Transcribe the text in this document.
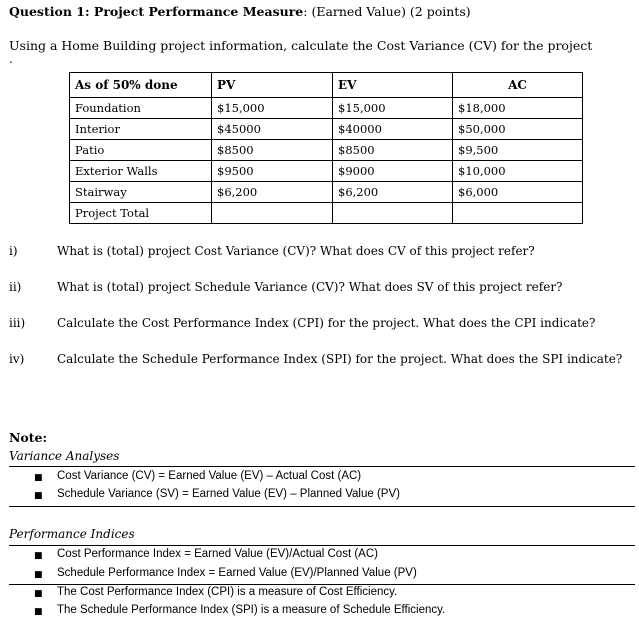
Question 1: Project Performance Measure: (Earned Value) (2 points)
Using a Home Building project information, calculate the Cost Variance (CV) for the project
.
As of 50% done	PV	EV	AC
Foundation	$15,000	$15,000	$18,000
Interior	$45000	$40000	$50,000
Patio	$8500	$8500	$9,500
Exterior Walls	$9500	$9000	$10,000
Stairway	$6,200	$6,200	$6,000
Project Total			
i)	What is (total) project Cost Variance (CV)? What does CV of this project refer?
ii)	What is (total) project Schedule Variance (CV)? What does SV of this project refer?
iii)	Calculate the Cost Performance Index (CPI) for the project. What does the CPI indicate?
iv)	Calculate the Schedule Performance Index (SPI) for the project. What does the SPI indicate?
Note:
Variance Analyses
■ Cost Variance (CV) = Earned Value (EV) – Actual Cost (AC)
■ Schedule Variance (SV) = Earned Value (EV) – Planned Value (PV)
Performance Indices
■ Cost Performance Index = Earned Value (EV)/Actual Cost (AC)
■ Schedule Performance Index = Earned Value (EV)/Planned Value (PV)
■ The Cost Performance Index (CPI) is a measure of Cost Efficiency.
■ The Schedule Performance Index (SPI) is a measure of Schedule Efficiency.
